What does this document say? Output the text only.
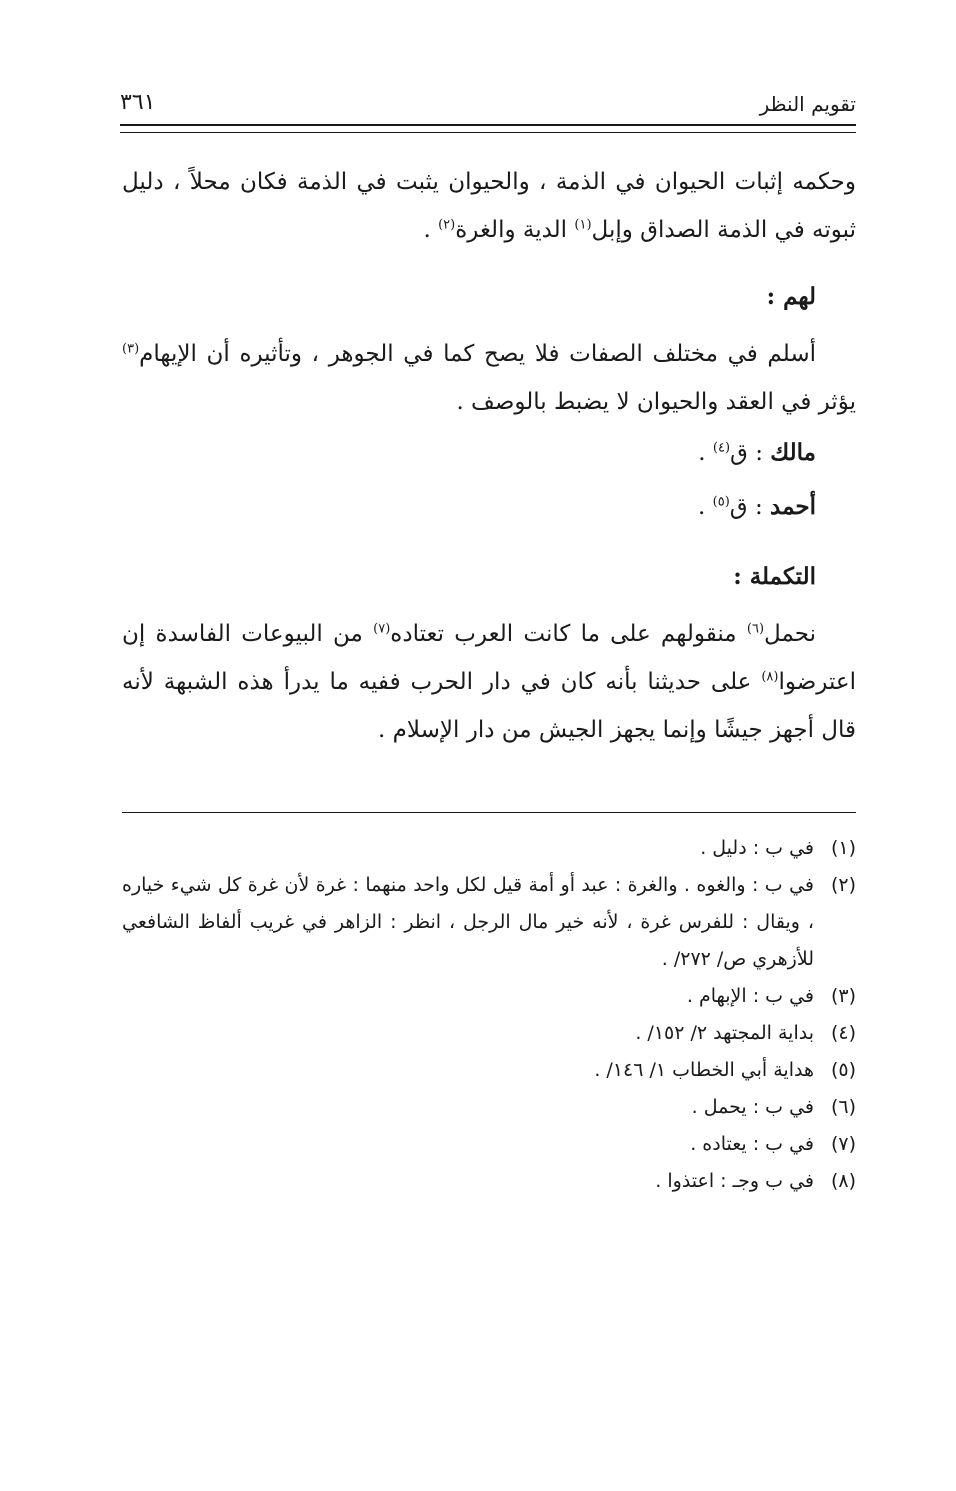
تقويم النظر
٣٦١

وحكمه إثبات الحيوان في الذمة ، والحيوان يثبت في الذمة فكان محلاً ، دليل ثبوته في الذمة الصداق وإبل$^{(١)}$ الدية والغرة$^{(٢)}$ .

لهم :

أسلم في مختلف الصفات فلا يصح كما في الجوهر ، وتأثيره أن الإيهام$^{(٣)}$ يؤثر في العقد والحيوان لا يضبط بالوصف .

مالك : ق$^{(٤)}$ .

أحمد : ق$^{(٥)}$ .

التكملة :

نحمل$^{(٦)}$ منقولهم على ما كانت العرب تعتاده$^{(٧)}$ من البيوعات الفاسدة إن اعترضوا$^{(٨)}$ على حديثنا بأنه كان في دار الحرب ففيه ما يدرأ هذه الشبهة لأنه قال أجهز جيشًا وإنما يجهز الجيش من دار الإسلام .

(١)
في ب : دليل .
(٢)
في ب : والغوه . والغرة : عبد أو أمة قيل لكل واحد منهما : غرة لأن غرة كل شيء خياره ، ويقال : للفرس غرة ، لأنه خير مال الرجل ، انظر : الزاهر في غريب ألفاظ الشافعي للأزهري ص/ ٢٧٢/ .
(٣)
في ب : الإبهام .
(٤)
بداية المجتهد ٢/ ١٥٢/ .
(٥)
هداية أبي الخطاب ١/ ١٤٦/ .
(٦)
في ب : يحمل .
(٧)
في ب : يعتاده .
(٨)
في ب وجـ : اعتذوا .
